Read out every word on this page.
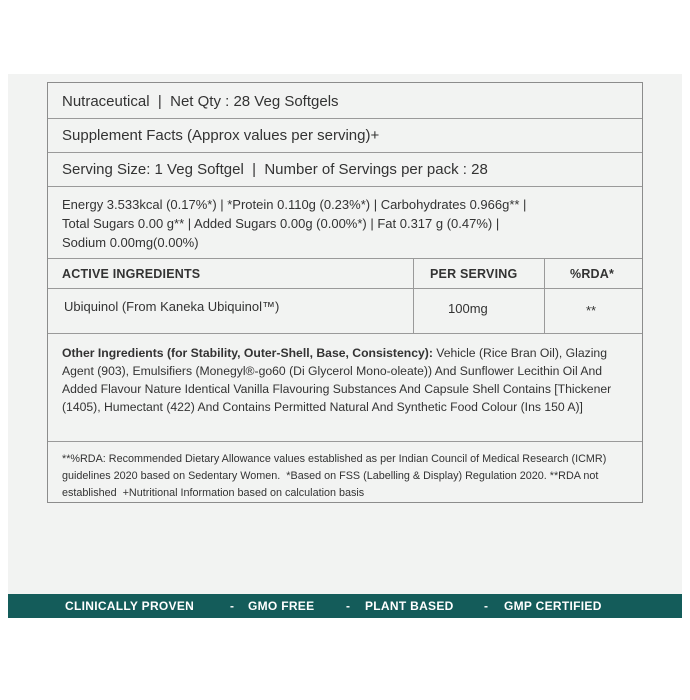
Nutraceutical  |  Net Qty : 28 Veg Softgels
Supplement Facts (Approx values per serving)+
Serving Size: 1 Veg Softgel  |  Number of Servings per pack : 28
Energy 3.533kcal (0.17%*) | *Protein 0.110g (0.23%*) | Carbohydrates 0.966g** |
Total Sugars 0.00 g** | Added Sugars 0.00g (0.00%*) | Fat 0.317 g (0.47%) |
Sodium 0.00mg(0.00%)
ACTIVE INGREDIENTS	PER SERVING	%RDA*
Ubiquinol (From Kaneka Ubiquinol™)	100mg	**
Other Ingredients (for Stability, Outer-Shell, Base, Consistency): Vehicle (Rice Bran Oil), Glazing Agent (903), Emulsifiers (Monegyl®-go60 (Di Glycerol Mono-oleate)) And Sunflower Lecithin Oil And Added Flavour Nature Identical Vanilla Flavouring Substances And Capsule Shell Contains [Thickener (1405), Humectant (422) And Contains Permitted Natural And Synthetic Food Colour (Ins 150 A)]
**%RDA: Recommended Dietary Allowance values established as per Indian Council of Medical Research (ICMR) guidelines 2020 based on Sedentary Women.  *Based on FSS (Labelling & Display) Regulation 2020. **RDA not established  +Nutritional Information based on calculation basis
CLINICALLY PROVEN	- GMO FREE	- PLANT BASED	- GMP CERTIFIED
